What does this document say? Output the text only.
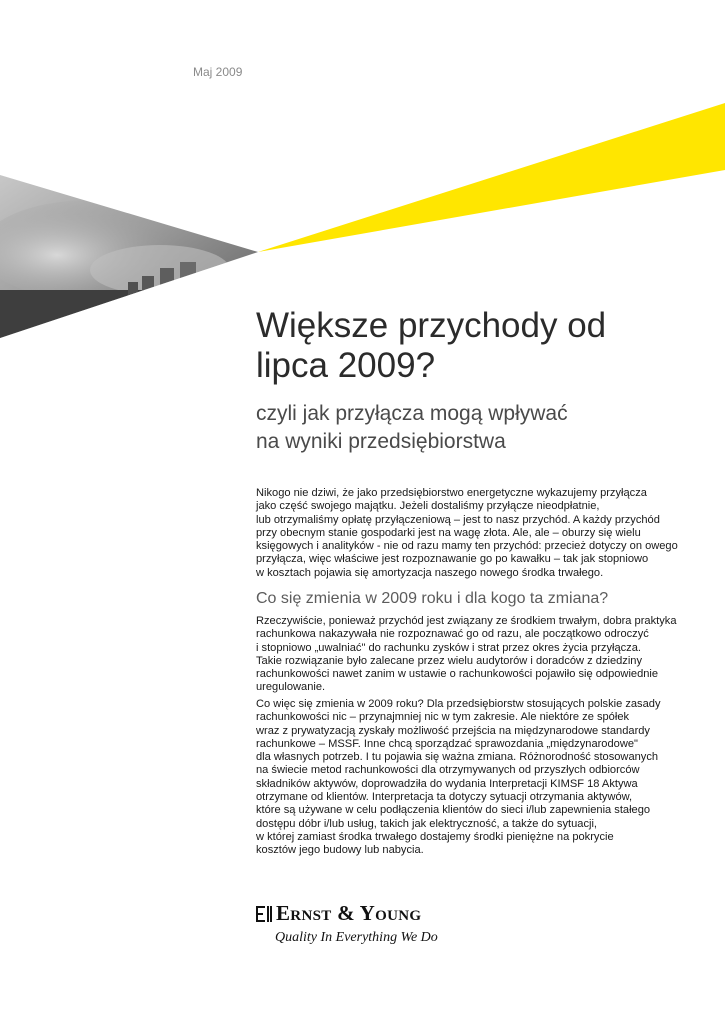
Maj 2009
Większe przychody od
lipca 2009?
czyli jak przyłącza mogą wpływać
na wyniki przedsiębiorstwa

Nikogo nie dziwi, że jako przedsiębiorstwo energetyczne wykazujemy przyłącza
jako część swojego majątku. Jeżeli dostaliśmy przyłącze nieodpłatnie,
lub otrzymaliśmy opłatę przyłączeniową – jest to nasz przychód. A każdy przychód
przy obecnym stanie gospodarki jest na wagę złota. Ale, ale – oburzy się wielu
księgowych i analityków - nie od razu mamy ten przychód: przecież dotyczy on owego
przyłącza, więc właściwe jest rozpoznawanie go po kawałku – tak jak stopniowo
w kosztach pojawia się amortyzacja naszego nowego środka trwałego.

Co się zmienia w 2009 roku i dla kogo ta zmiana?

Rzeczywiście, ponieważ przychód jest związany ze środkiem trwałym, dobra praktyka
rachunkowa nakazywała nie rozpoznawać go od razu, ale początkowo odroczyć
i stopniowo „uwalniać" do rachunku zysków i strat przez okres życia przyłącza.
Takie rozwiązanie było zalecane przez wielu audytorów i doradców z dziedziny
rachunkowości nawet zanim w ustawie o rachunkowości pojawiło się odpowiednie
uregulowanie.

Co więc się zmienia w 2009 roku? Dla przedsiębiorstw stosujących polskie zasady
rachunkowości nic – przynajmniej nic w tym zakresie. Ale niektóre ze spółek
wraz z prywatyzacją zyskały możliwość przejścia na międzynarodowe standardy
rachunkowe – MSSF. Inne chcą sporządzać sprawozdania „międzynarodowe"
dla własnych potrzeb. I tu pojawia się ważna zmiana. Różnorodność stosowanych
na świecie metod rachunkowości dla otrzymywanych od przyszłych odbiorców
składników aktywów, doprowadziła do wydania Interpretacji KIMSF 18 Aktywa
otrzymane od klientów. Interpretacja ta dotyczy sytuacji otrzymania aktywów,
które są używane w celu podłączenia klientów do sieci i/lub zapewnienia stałego
dostępu dóbr i/lub usług, takich jak elektryczność, a także do sytuacji,
w której zamiast środka trwałego dostajemy środki pieniężne na pokrycie
kosztów jego budowy lub nabycia.

Ernst & Young
Quality In Everything We Do
